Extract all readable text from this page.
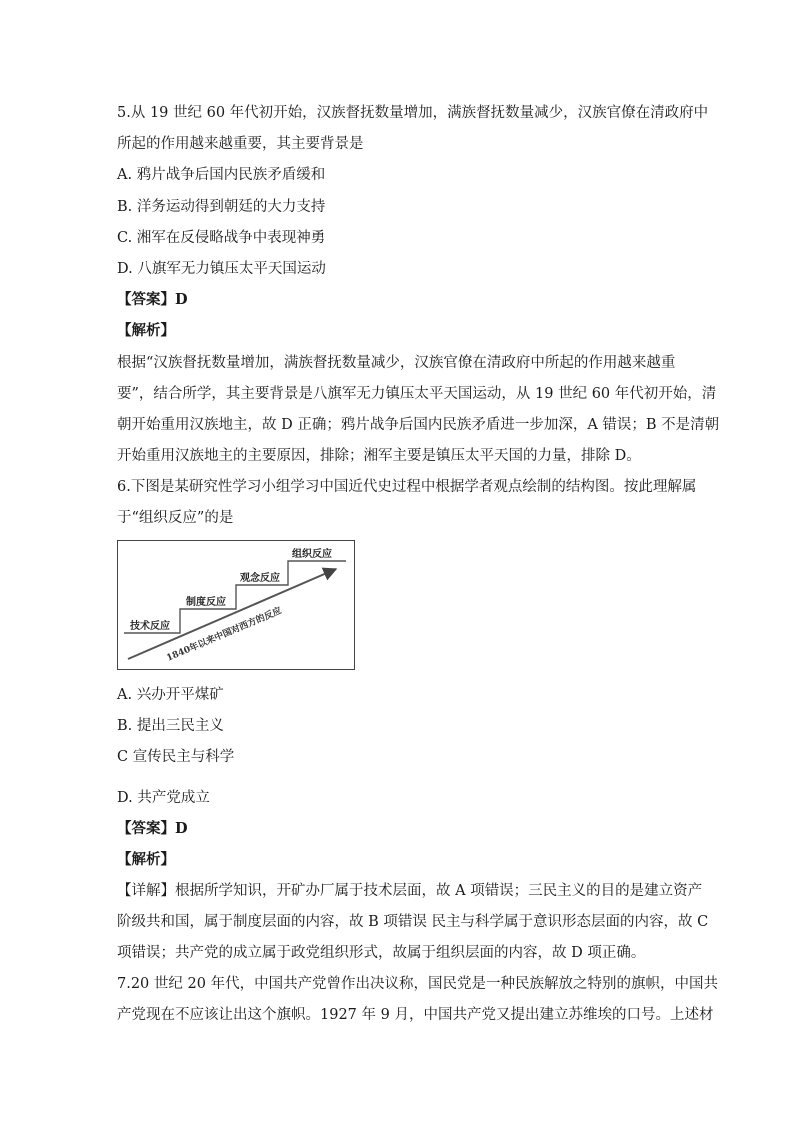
5.从 19 世纪 60 年代初开始，汉族督抚数量增加，满族督抚数量减少，汉族官僚在清政府中
所起的作用越来越重要，其主要背景是
A. 鸦片战争后国内民族矛盾缓和
B. 洋务运动得到朝廷的大力支持
C. 湘军在反侵略战争中表现神勇
D. 八旗军无力镇压太平天国运动
【答案】D
【解析】
根据“汉族督抚数量增加，满族督抚数量减少，汉族官僚在清政府中所起的作用越来越重
要”，结合所学，其主要背景是八旗军无力镇压太平天国运动，从 19 世纪 60 年代初开始，清
朝开始重用汉族地主，故 D 正确；鸦片战争后国内民族矛盾进一步加深，A 错误；B 不是清朝
开始重用汉族地主的主要原因，排除；湘军主要是镇压太平天国的力量，排除 D。
6.下图是某研究性学习小组学习中国近代史过程中根据学者观点绘制的结构图。按此理解属
于“组织反应”的是
技术反应
制度反应
观念反应
组织反应
1840年以来中国对西方的反应
A. 兴办开平煤矿
B. 提出三民主义
C 宣传民主与科学
D. 共产党成立
【答案】D
【解析】
【详解】根据所学知识，开矿办厂属于技术层面，故 A 项错误；三民主义的目的是建立资产
阶级共和国，属于制度层面的内容，故 B 项错误 民主与科学属于意识形态层面的内容，故 C
项错误；共产党的成立属于政党组织形式，故属于组织层面的内容，故 D 项正确。
7.20 世纪 20 年代，中国共产党曾作出决议称，国民党是一种民族解放之特别的旗帜，中国共
产党现在不应该让出这个旗帜。1927 年 9 月，中国共产党又提出建立苏维埃的口号。上述材
